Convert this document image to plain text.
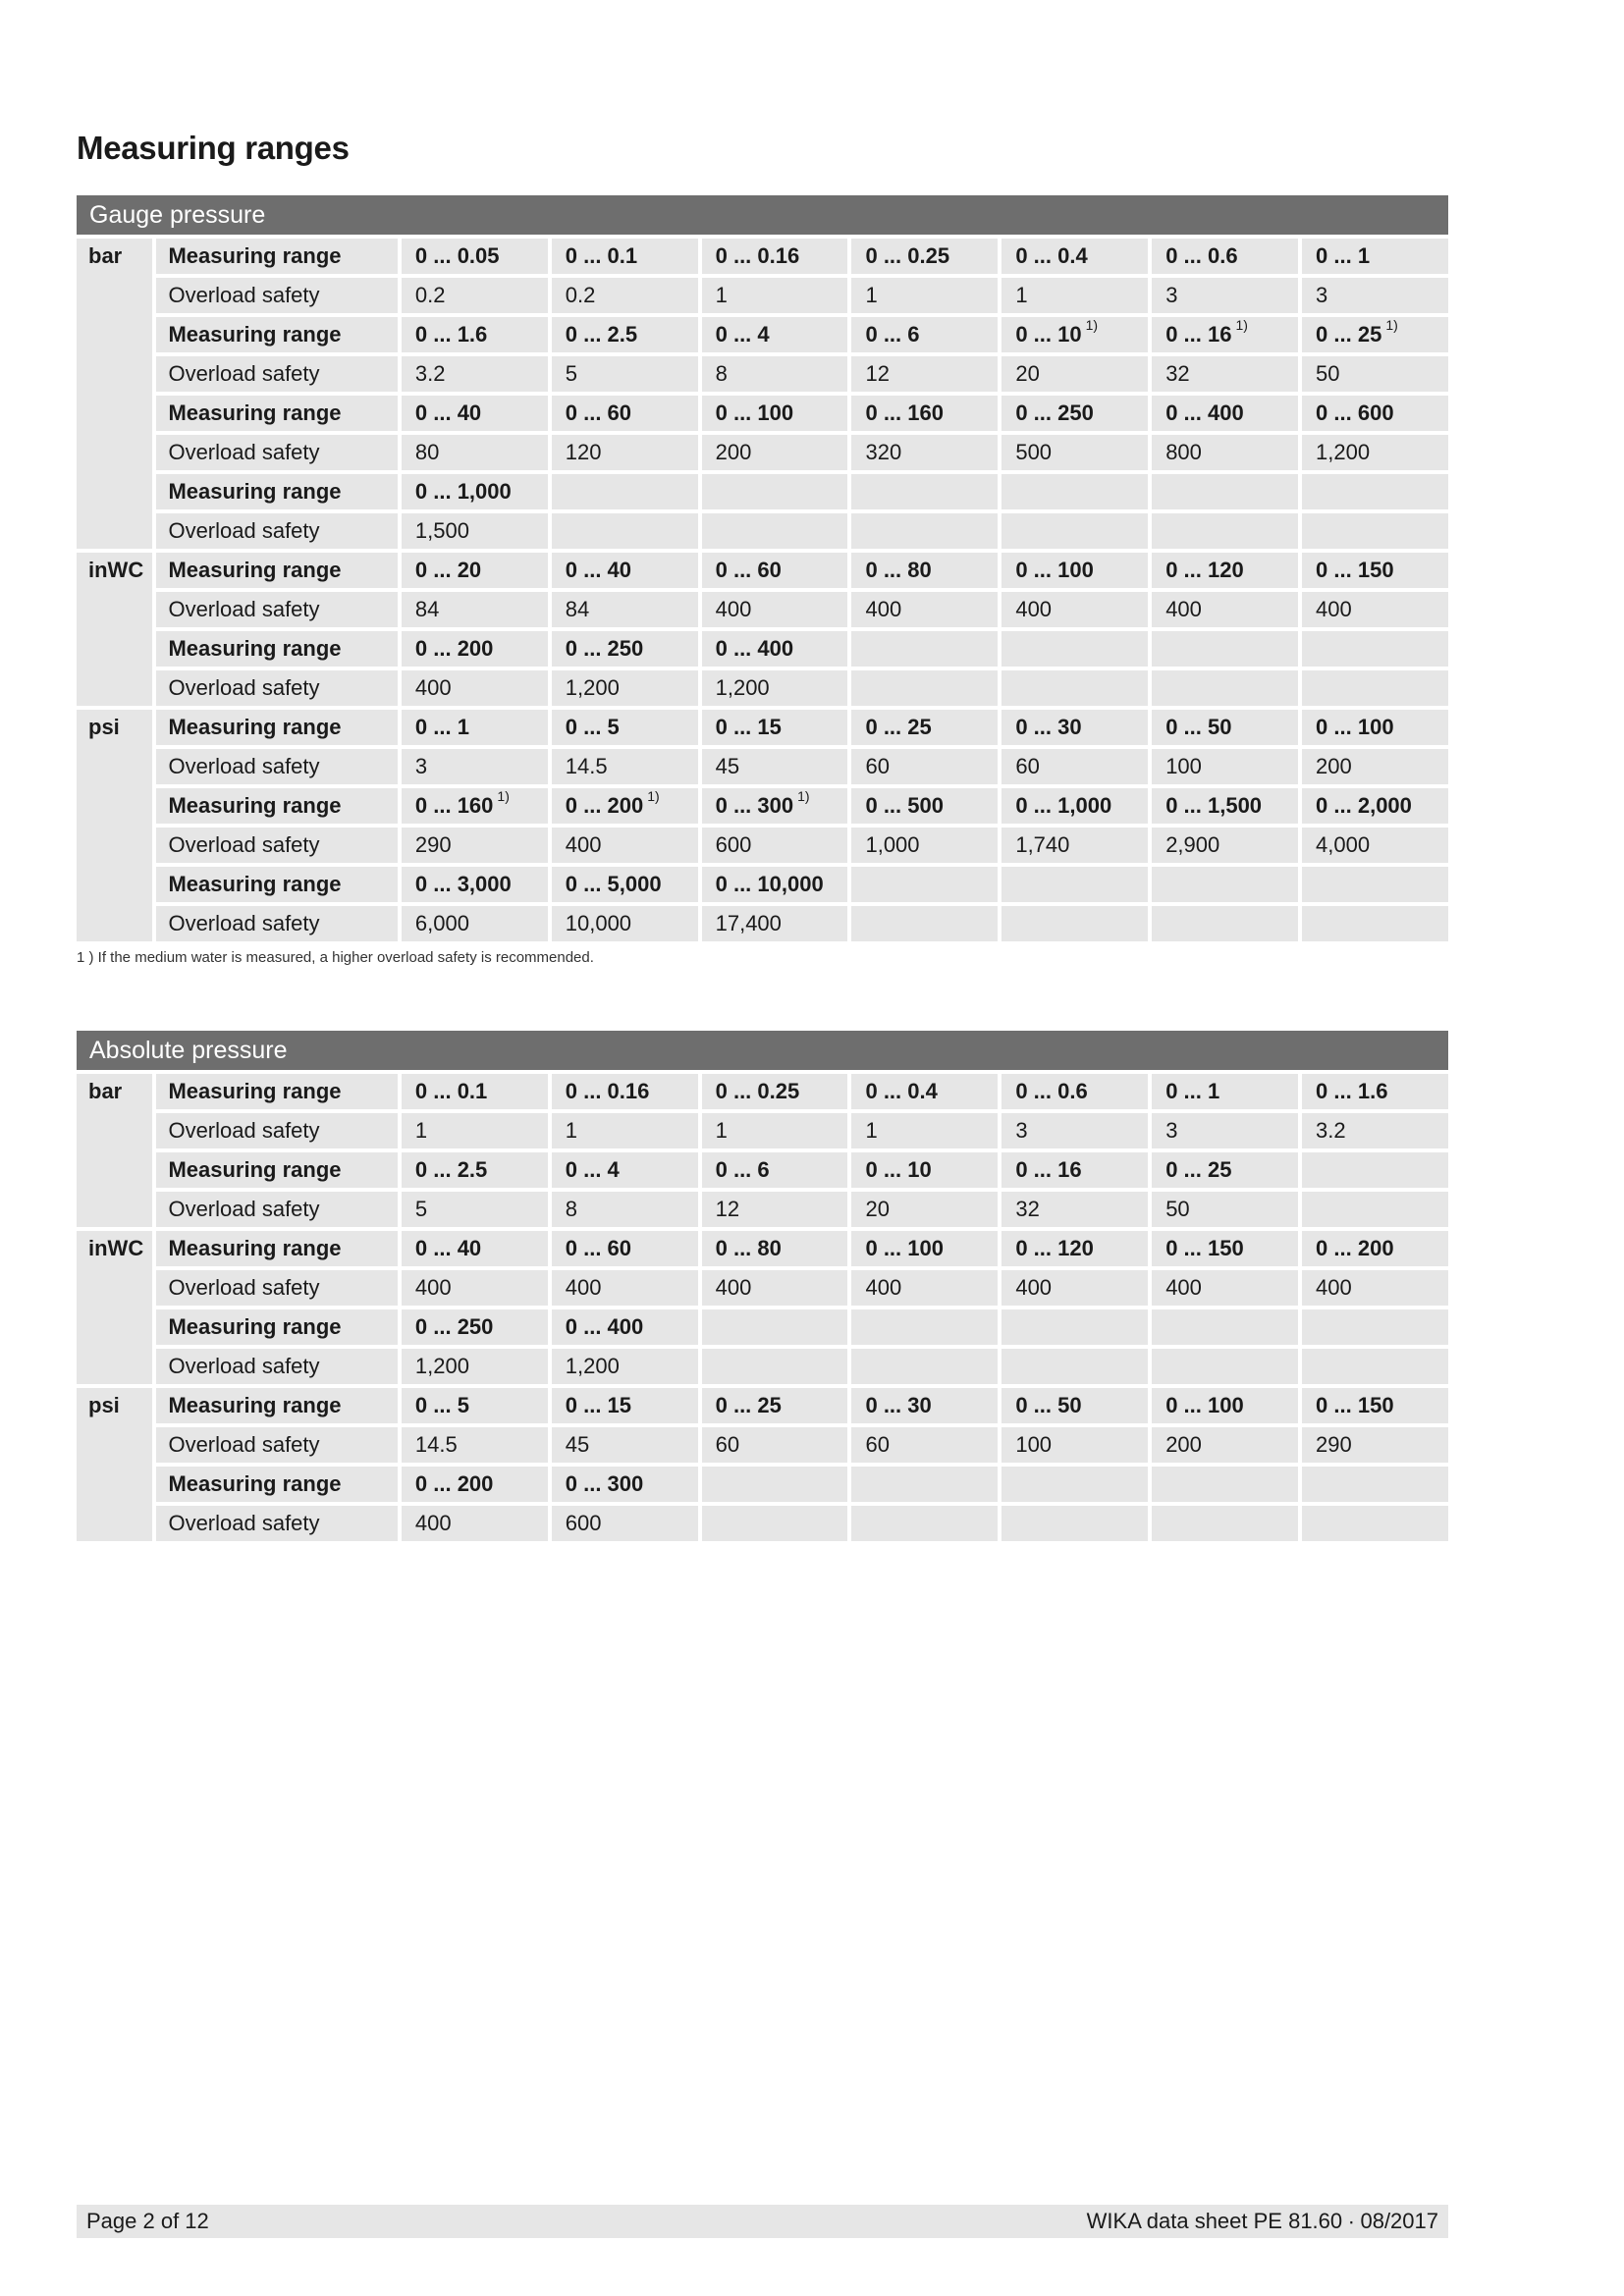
Measuring ranges
Gauge pressure
bar	Measuring range	0 ... 0.05	0 ... 0.1	0 ... 0.16	0 ... 0.25	0 ... 0.4	0 ... 0.6	0 ... 1
	Overload safety	0.2	0.2	1	1	1	3	3
	Measuring range	0 ... 1.6	0 ... 2.5	0 ... 4	0 ... 6	0 ... 10 $^{1)}$	0 ... 16 $^{1)}$	0 ... 25 $^{1)}$
	Overload safety	3.2	5	8	12	20	32	50
	Measuring range	0 ... 40	0 ... 60	0 ... 100	0 ... 160	0 ... 250	0 ... 400	0 ... 600
	Overload safety	80	120	200	320	500	800	1,200
	Measuring range	0 ... 1,000						
	Overload safety	1,500						
inWC	Measuring range	0 ... 20	0 ... 40	0 ... 60	0 ... 80	0 ... 100	0 ... 120	0 ... 150
	Overload safety	84	84	400	400	400	400	400
	Measuring range	0 ... 200	0 ... 250	0 ... 400				
	Overload safety	400	1,200	1,200				
psi	Measuring range	0 ... 1	0 ... 5	0 ... 15	0 ... 25	0 ... 30	0 ... 50	0 ... 100
	Overload safety	3	14.5	45	60	60	100	200
	Measuring range	0 ... 160 $^{1)}$	0 ... 200 $^{1)}$	0 ... 300 $^{1)}$	0 ... 500	0 ... 1,000	0 ... 1,500	0 ... 2,000
	Overload safety	290	400	600	1,000	1,740	2,900	4,000
	Measuring range	0 ... 3,000	0 ... 5,000	0 ... 10,000				
	Overload safety	6,000	10,000	17,400				
1 ) If the medium water is measured, a higher overload safety is recommended.
Absolute pressure
bar	Measuring range	0 ... 0.1	0 ... 0.16	0 ... 0.25	0 ... 0.4	0 ... 0.6	0 ... 1	0 ... 1.6
	Overload safety	1	1	1	1	3	3	3.2
	Measuring range	0 ... 2.5	0 ... 4	0 ... 6	0 ... 10	0 ... 16	0 ... 25	
	Overload safety	5	8	12	20	32	50	
inWC	Measuring range	0 ... 40	0 ... 60	0 ... 80	0 ... 100	0 ... 120	0 ... 150	0 ... 200
	Overload safety	400	400	400	400	400	400	400
	Measuring range	0 ... 250	0 ... 400					
	Overload safety	1,200	1,200					
psi	Measuring range	0 ... 5	0 ... 15	0 ... 25	0 ... 30	0 ... 50	0 ... 100	0 ... 150
	Overload safety	14.5	45	60	60	100	200	290
	Measuring range	0 ... 200	0 ... 300					
	Overload safety	400	600					
Page 2 of 12	WIKA data sheet PE 81.60 ∙ 08/2017
